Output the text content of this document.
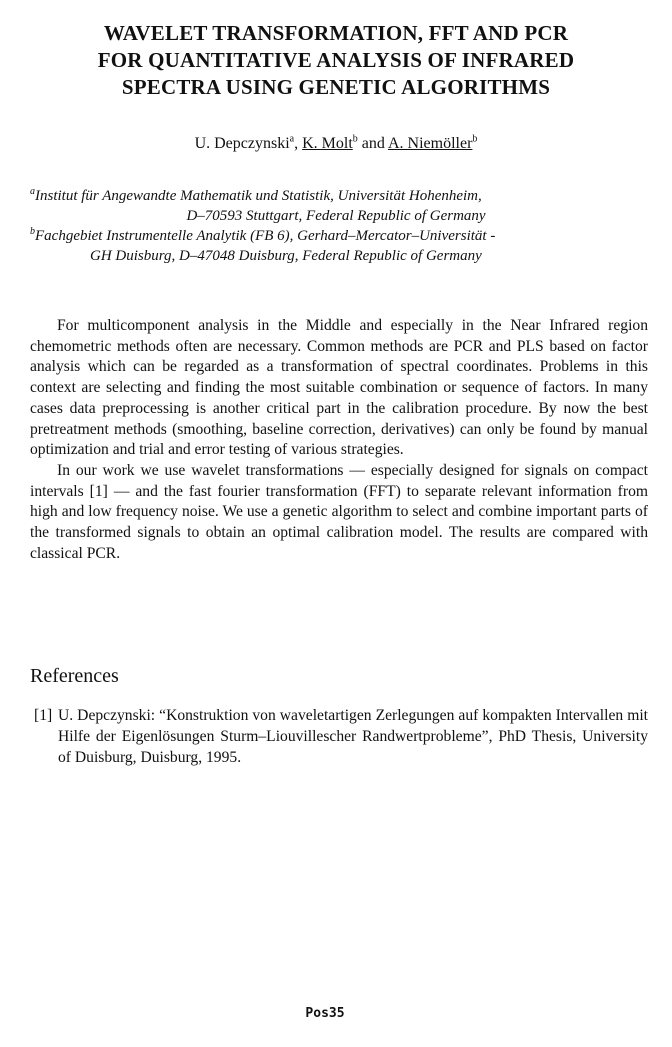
WAVELET TRANSFORMATION, FFT AND PCR
FOR QUANTITATIVE ANALYSIS OF INFRARED
SPECTRA USING GENETIC ALGORITHMS
U. Depczynski$^a$, K. Molt$^b$ and A. Niemöller$^b$
$^a$Institut für Angewandte Mathematik und Statistik, Universität Hohenheim,
D–70593 Stuttgart, Federal Republic of Germany
$^b$Fachgebiet Instrumentelle Analytik (FB 6), Gerhard–Mercator–Universität -
GH Duisburg, D–47048 Duisburg, Federal Republic of Germany

For multicomponent analysis in the Middle and especially in the Near Infrared region chemometric methods often are necessary. Common methods are PCR and PLS based on factor analysis which can be regarded as a transformation of spectral coordinates. Problems in this context are selecting and finding the most suitable combination or sequence of factors. In many cases data preprocessing is another critical part in the calibration procedure. By now the best pretreatment methods (smoothing, baseline correction, derivatives) can only be found by manual optimization and trial and error testing of various strategies.

In our work we use wavelet transformations — especially designed for signals on compact intervals [1] — and the fast fourier transformation (FFT) to separate relevant information from high and low frequency noise. We use a genetic algorithm to select and combine important parts of the transformed signals to obtain an optimal calibration model. The results are compared with classical PCR.

References
[1] U. Depczynski: “Konstruktion von waveletartigen Zerlegungen auf kompakten Intervallen mit Hilfe der Eigenlösungen Sturm–Liouvillescher Randwertprobleme”, PhD Thesis, University of Duisburg, Duisburg, 1995.
Pos35
